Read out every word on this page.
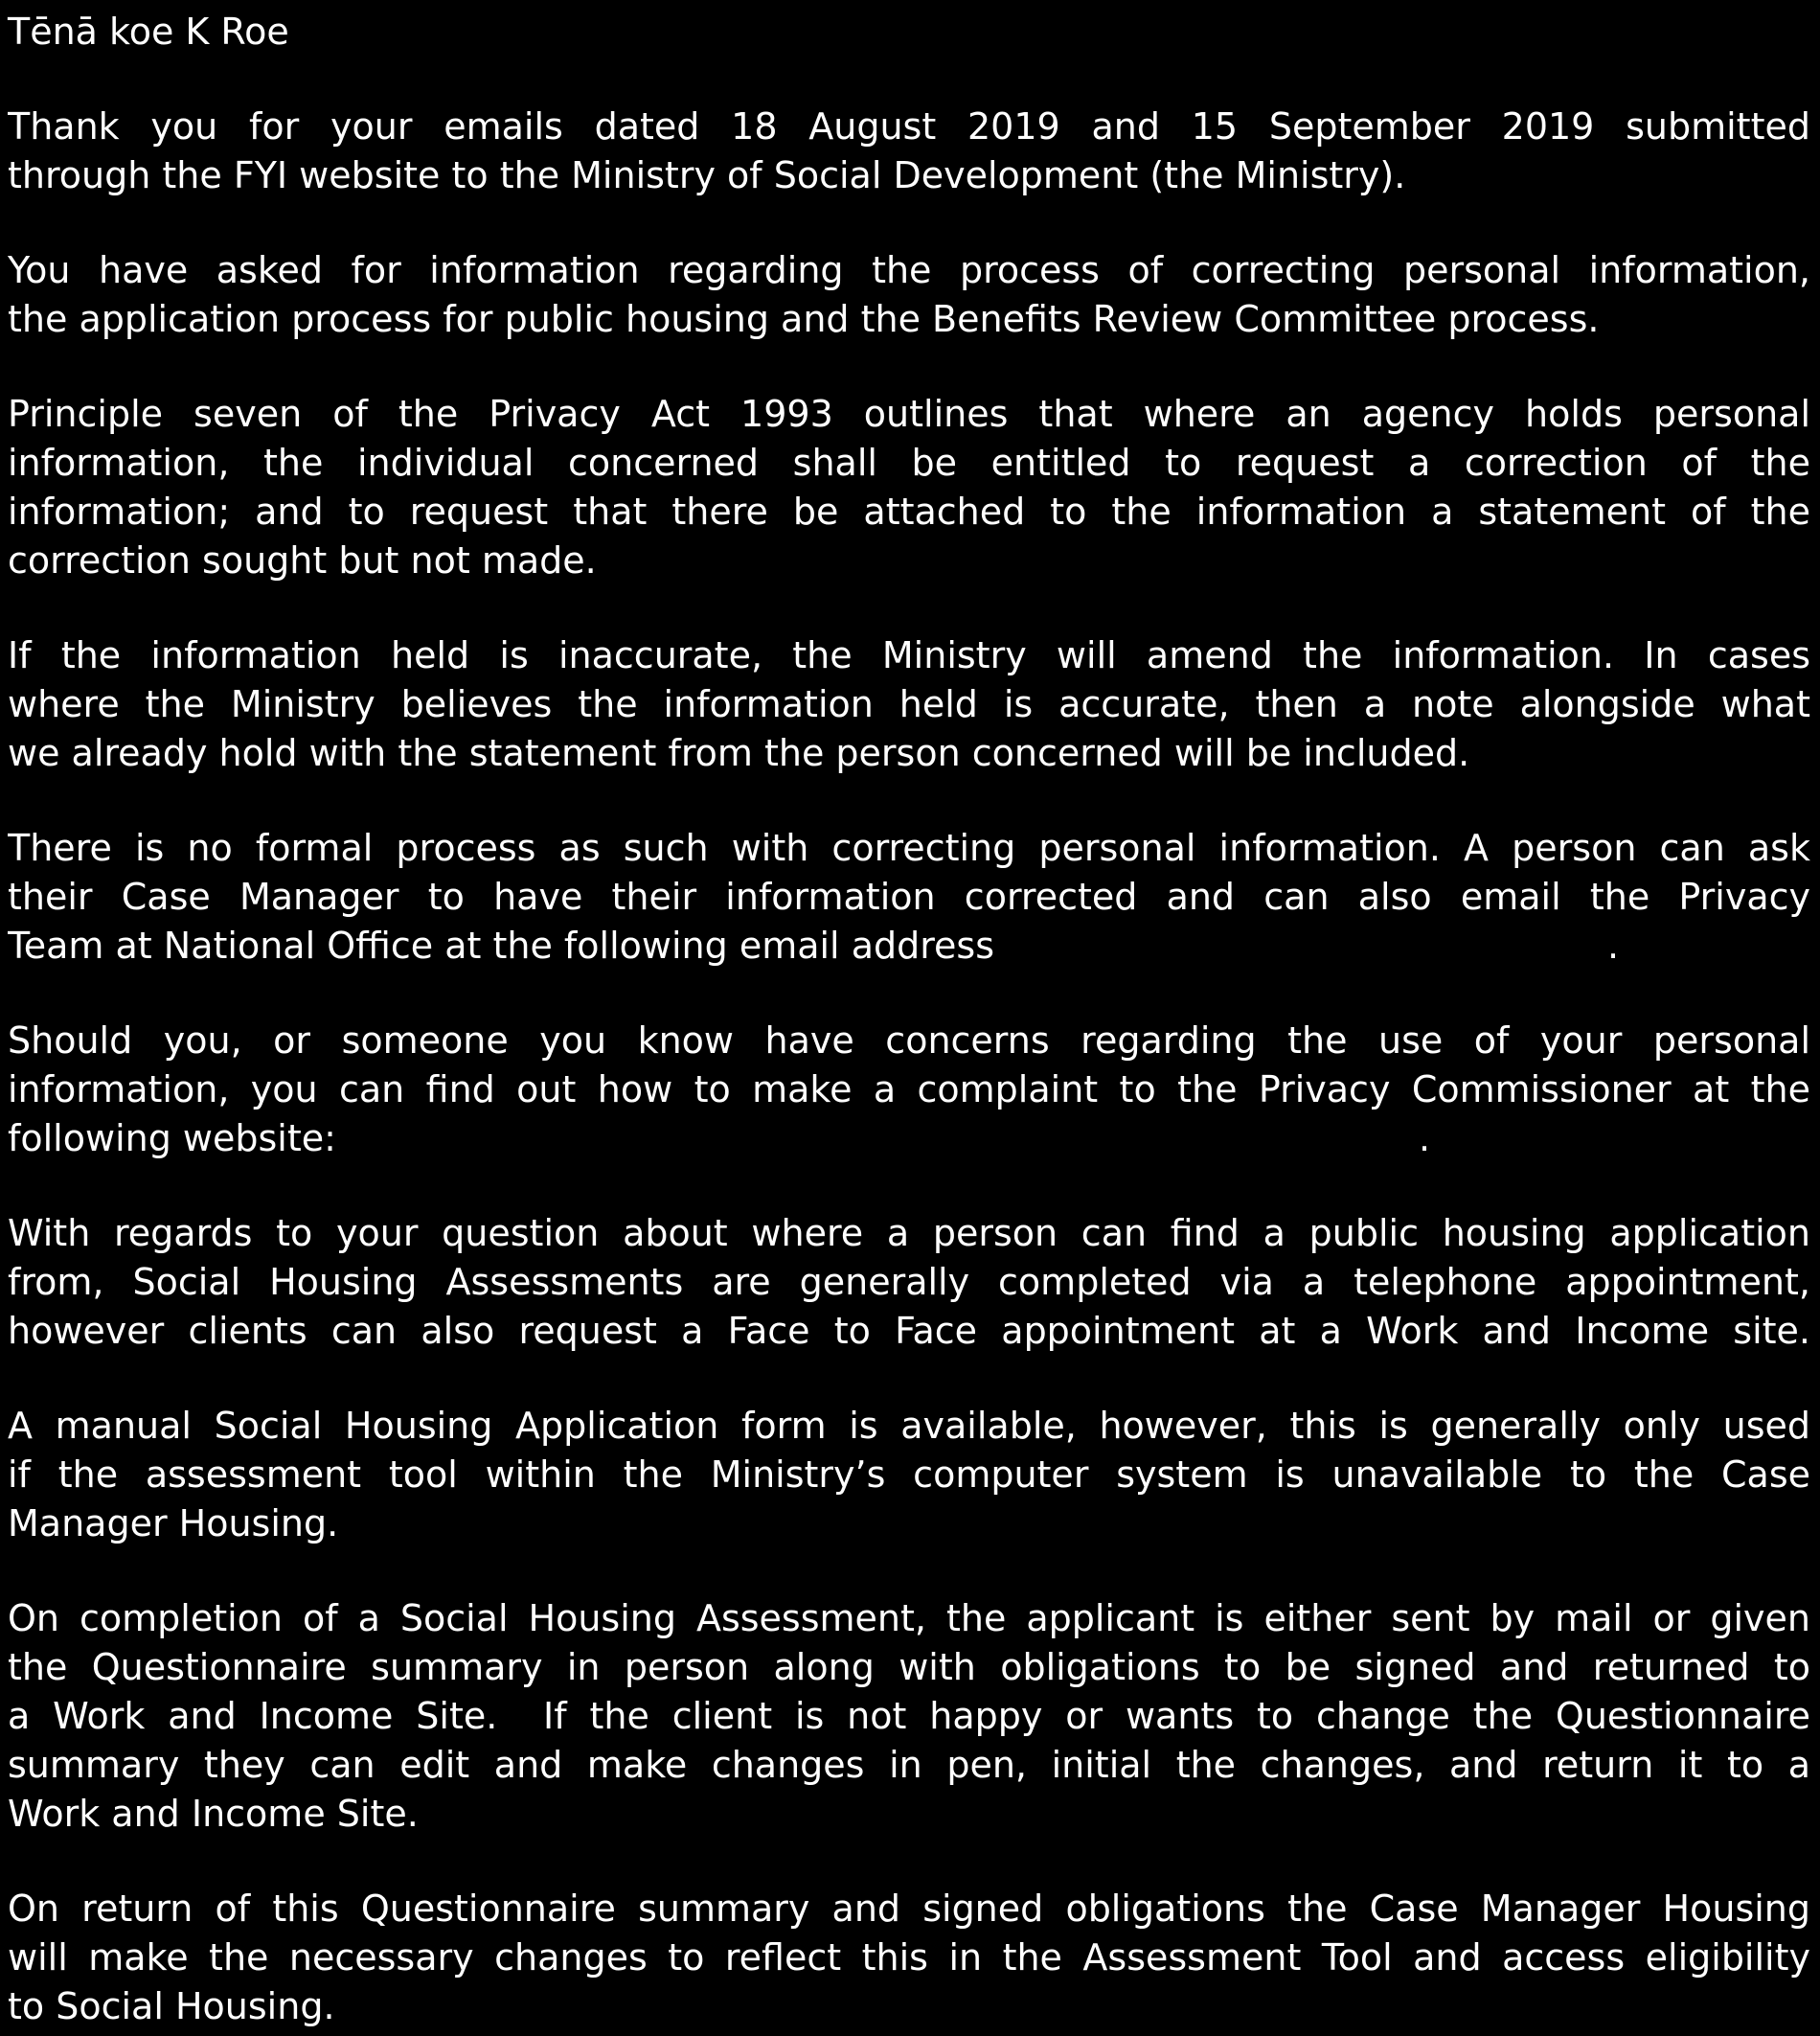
Tēnā koe K Roe
Thank you for your emails dated 18 August 2019 and 15 September 2019 submitted
through the FYI website to the Ministry of Social Development (the Ministry).
You have asked for information regarding the process of correcting personal information,
the application process for public housing and the Benefits Review Committee process.
Principle seven of the Privacy Act 1993 outlines that where an agency holds personal
information, the individual concerned shall be entitled to request a correction of the
information; and to request that there be attached to the information a statement of the
correction sought but not made.
If the information held is inaccurate, the Ministry will amend the information. In cases
where the Ministry believes the information held is accurate, then a note alongside what
we already hold with the statement from the person concerned will be included.
There is no formal process as such with correcting personal information. A person can ask
their Case Manager to have their information corrected and can also email the Privacy
Team at National Office at the following email address	.
Should you, or someone you know have concerns regarding the use of your personal
information, you can find out how to make a complaint to the Privacy Commissioner at the
following website:	.
With regards to your question about where a person can find a public housing application
from, Social Housing Assessments are generally completed via a telephone appointment,
however clients can also request a Face to Face appointment at a Work and Income site.
A manual Social Housing Application form is available, however, this is generally only used
if the assessment tool within the Ministry’s computer system is unavailable to the Case
Manager Housing.
On completion of a Social Housing Assessment, the applicant is either sent by mail or given
the Questionnaire summary in person along with obligations to be signed and returned to
a Work and Income Site.  If the client is not happy or wants to change the Questionnaire
summary they can edit and make changes in pen, initial the changes, and return it to a
Work and Income Site.
On return of this Questionnaire summary and signed obligations the Case Manager Housing
will make the necessary changes to reflect this in the Assessment Tool and access eligibility
to Social Housing.
